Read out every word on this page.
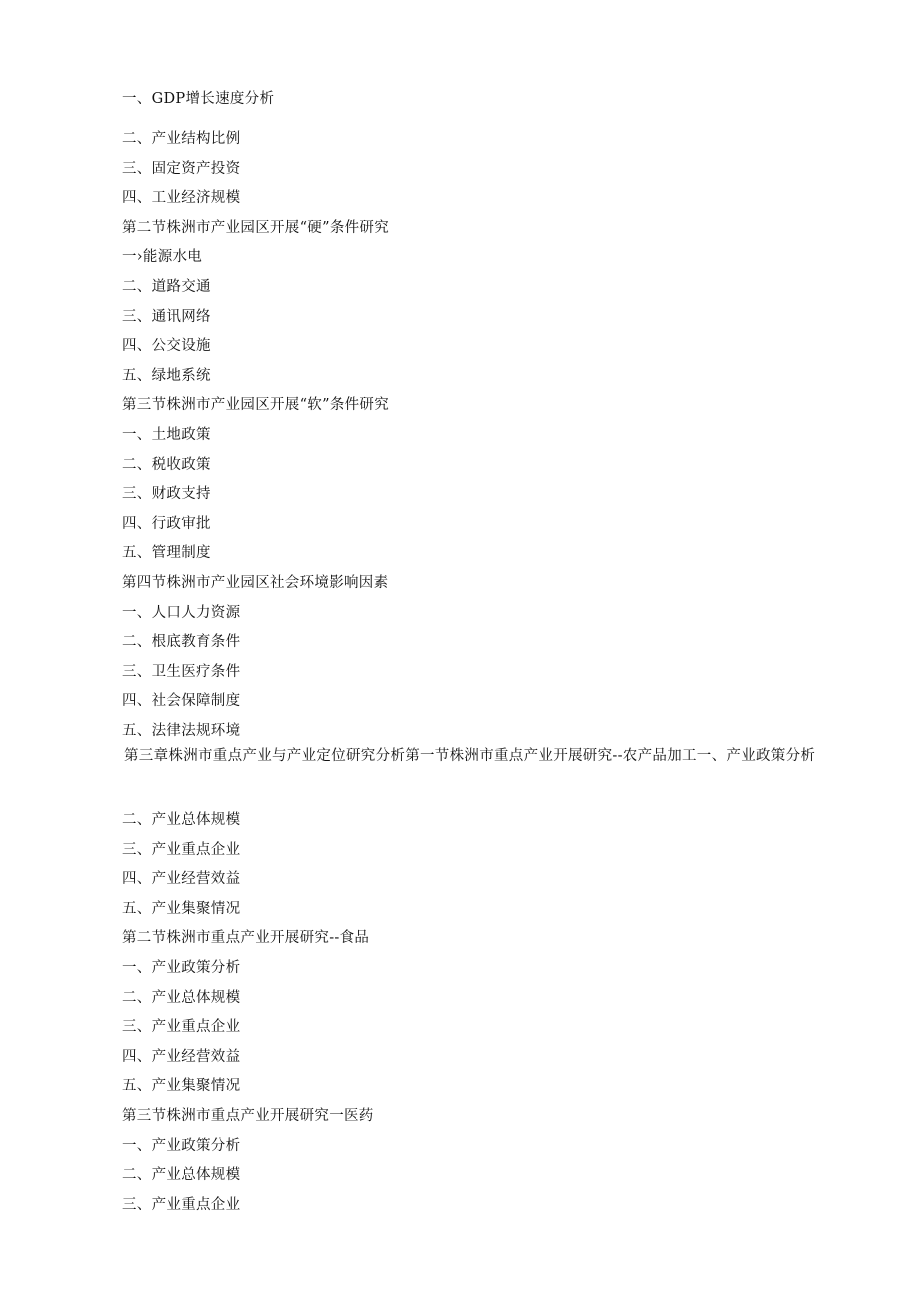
一、GDP增长速度分析
二、产业结构比例
三、固定资产投资
四、工业经济规模
第二节株洲市产业园区开展“硬”条件研究
一›能源水电
二、道路交通
三、通讯网络
四、公交设施
五、绿地系统
第三节株洲市产业园区开展“软”条件研究
一、土地政策
二、税收政策
三、财政支持
四、行政审批
五、管理制度
第四节株洲市产业园区社会环境影响因素
一、人口人力资源
二、根底教育条件
三、卫生医疗条件
四、社会保障制度
五、法律法规环境
第三章株洲市重点产业与产业定位研究分析第一节株洲市重点产业开展研究--农产品加工一、产业政策分析
二、产业总体规模
三、产业重点企业
四、产业经营效益
五、产业集聚情况
第二节株洲市重点产业开展研究--食品
一、产业政策分析
二、产业总体规模
三、产业重点企业
四、产业经营效益
五、产业集聚情况
第三节株洲市重点产业开展研究一医药
一、产业政策分析
二、产业总体规模
三、产业重点企业
